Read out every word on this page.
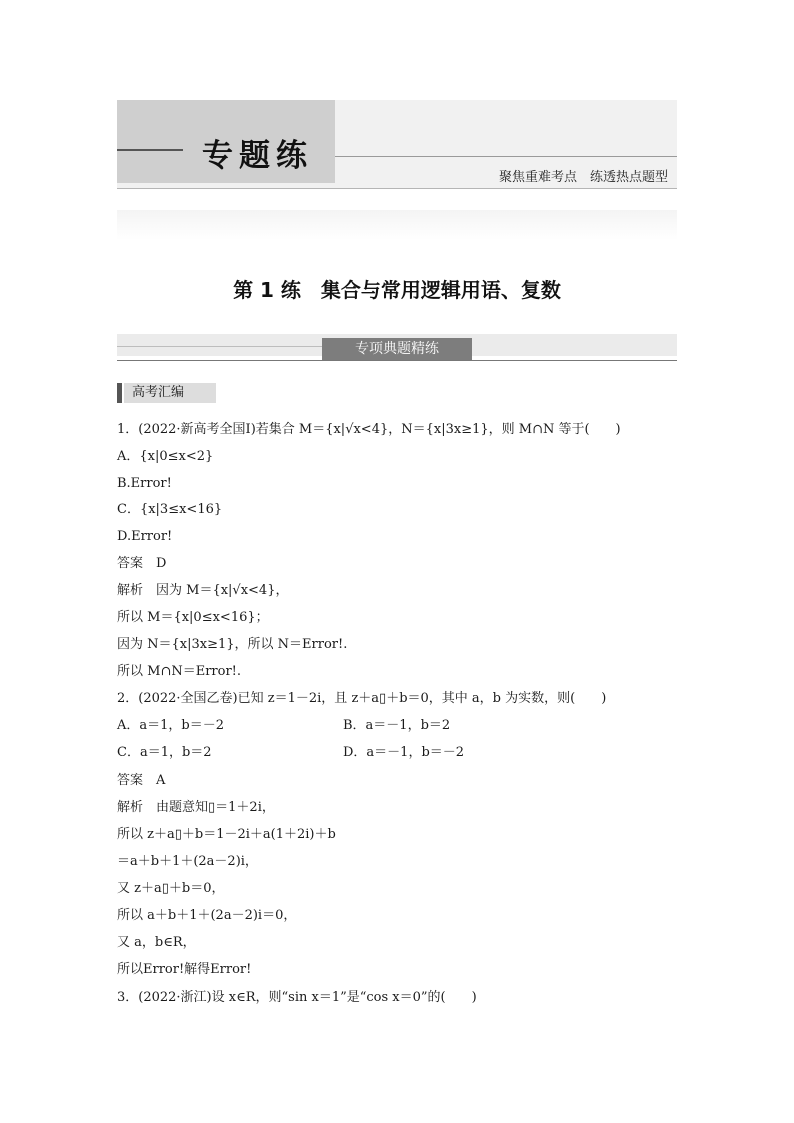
专题练
聚焦重难考点　练透热点题型
第 1 练　集合与常用逻辑用语、复数
专项典题精练
高考汇编
1．(2022·新高考全国Ⅰ)若集合 M＝{x|√x<4}，N＝{x|3x≥1}，则 M∩N 等于(　　)
A．{x|0≤x<2}
B.Error!
C．{x|3≤x<16}
D.Error!
答案　D
解析　因为 M＝{x|√x<4}，
所以 M＝{x|0≤x<16}；
因为 N＝{x|3x≥1}，所以 N＝Error!.
所以 M∩N＝Error!.
2．(2022·全国乙卷)已知 z＝1－2i，且 z＋a▯＋b＝0，其中 a，b 为实数，则(　　)
A．a＝1，b＝－2	B．a＝－1，b＝2
C．a＝1，b＝2	D．a＝－1，b＝－2
答案　A
解析　由题意知▯＝1＋2i，
所以 z＋a▯＋b＝1－2i＋a(1＋2i)＋b
＝a＋b＋1＋(2a－2)i，
又 z＋a▯＋b＝0，
所以 a＋b＋1＋(2a－2)i＝0，
又 a，b∈R，
所以Error!解得Error!
3．(2022·浙江)设 x∈R，则“sin x＝1”是“cos x＝0”的(　　)
